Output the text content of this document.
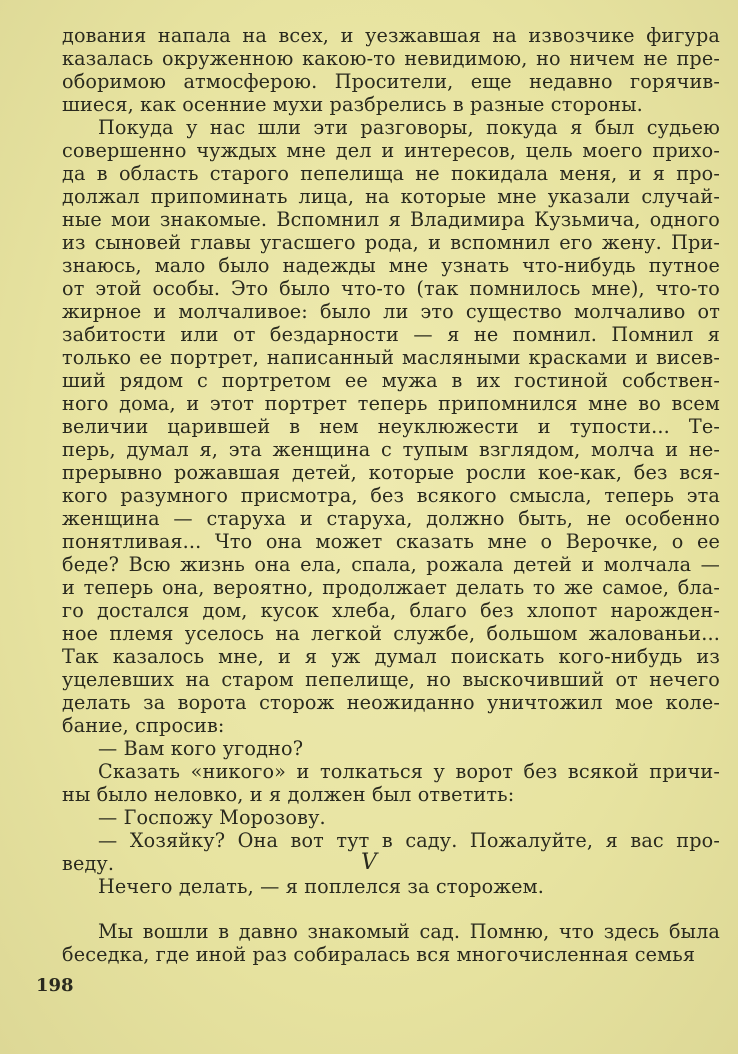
дования напала на всех, и уезжавшая на извозчике фигура
казалась окруженною какою-то невидимою, но ничем не пре-
оборимою атмосферою. Просители, еще недавно горячив-
шиеся, как осенние мухи разбрелись в разные стороны.
Покуда у нас шли эти разговоры, покуда я был судьею
совершенно чуждых мне дел и интересов, цель моего прихо-
да в область старого пепелища не покидала меня, и я про-
должал припоминать лица, на которые мне указали случай-
ные мои знакомые. Вспомнил я Владимира Кузьмича, одного
из сыновей главы угасшего рода, и вспомнил его жену. При-
знаюсь, мало было надежды мне узнать что-нибудь путное
от этой особы. Это было что-то (так помнилось мне), что-то
жирное и молчаливое: было ли это существо молчаливо от
забитости или от бездарности — я не помнил. Помнил я
только ее портрет, написанный масляными красками и висев-
ший рядом с портретом ее мужа в их гостиной собствен-
ного дома, и этот портрет теперь припомнился мне во всем
величии царившей в нем неуклюжести и тупости... Те-
перь, думал я, эта женщина с тупым взглядом, молча и не-
прерывно рожавшая детей, которые росли кое-как, без вся-
кого разумного присмотра, без всякого смысла, теперь эта
женщина — старуха и старуха, должно быть, не особенно
понятливая... Что она может сказать мне о Верочке, о ее
беде? Всю жизнь она ела, спала, рожала детей и молчала —
и теперь она, вероятно, продолжает делать то же самое, бла-
го достался дом, кусок хлеба, благо без хлопот нарожден-
ное племя уселось на легкой службе, большом жалованьи...
Так казалось мне, и я уж думал поискать кого-нибудь из
уцелевших на старом пепелище, но выскочивший от нечего
делать за ворота сторож неожиданно уничтожил мое коле-
бание, спросив:
— Вам кого угодно?
Сказать «никого» и толкаться у ворот без всякой причи-
ны было неловко, и я должен был ответить:
— Госпожу Морозову.
— Хозяйку? Она вот тут в саду. Пожалуйте, я вас про-
веду.
Нечего делать, — я поплелся за сторожем.
V
Мы вошли в давно знакомый сад. Помню, что здесь была
беседка, где иной раз собиралась вся многочисленная семья
198
